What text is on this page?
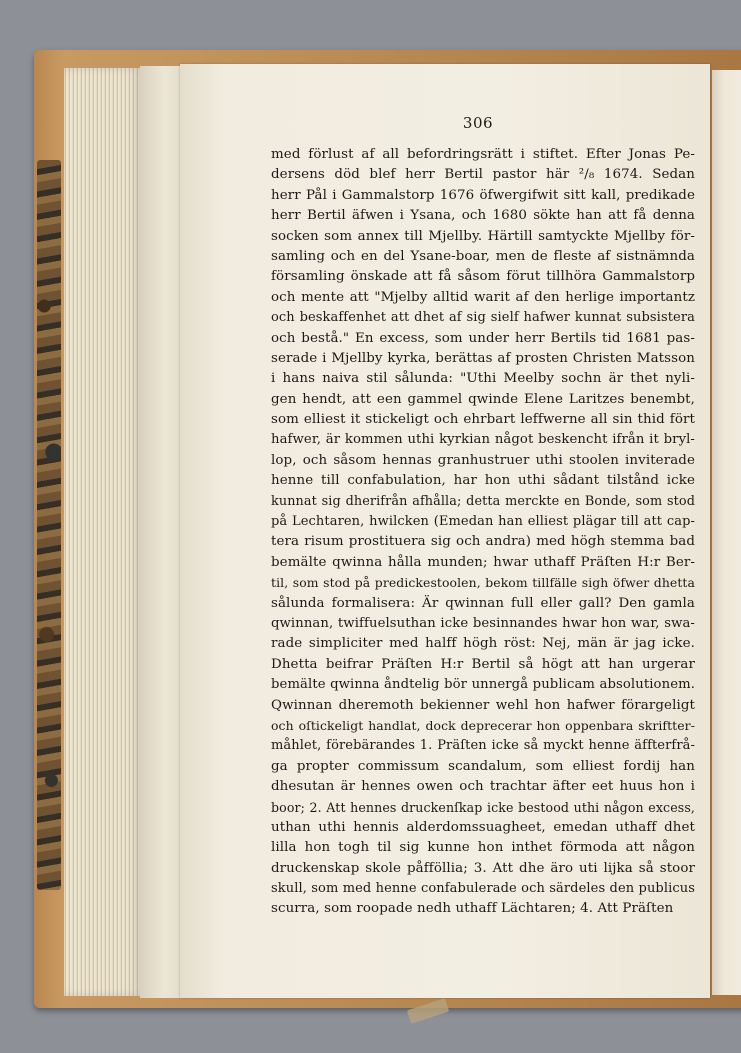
306
med förlust af all befordringsrätt i stiftet. Efter Jonas Pe-
dersens död blef herr Bertil pastor här ²/₈ 1674. Sedan
herr Pål i Gammalstorp 1676 öfwergifwit sitt kall, predikade
herr Bertil äfwen i Ysana, och 1680 sökte han att få denna
socken som annex till Mjellby. Härtill samtyckte Mjellby för-
samling och en del Ysane-boar, men de fleste af sistnämnda
församling önskade att få såsom förut tillhöra Gammalstorp
och mente att "Mjelby alltid warit af den herlige importantz
och beskaffenhet att dhet af sig sielf hafwer kunnat subsistera
och bestå." En excess, som under herr Bertils tid 1681 pas-
serade i Mjellby kyrka, berättas af prosten Christen Matsson
i hans naiva stil sålunda: "Uthi Meelby sochn är thet nyli-
gen hendt, att een gammel qwinde Elene Laritzes benembt,
som elliest it stickeligt och ehrbart leffwerne all sin thid fört
hafwer, är kommen uthi kyrkian något beskencht ifrån it bryl-
lop, och såsom hennas granhustruer uthi stoolen inviterade
henne till confabulation, har hon uthi sådant tilstånd icke
kunnat sig dherifrån afhålla; detta merckte en Bonde, som stod
på Lechtaren, hwilcken (Emedan han elliest plägar till att cap-
tera risum prostituera sig och andra) med högh stemma bad
bemälte qwinna hålla munden; hwar uthaff Präſten H:r Ber-
til, som stod på predickestoolen, bekom tillfälle sigh öfwer dhetta
sålunda formalisera: Är qwinnan full eller gall? Den gamla
qwinnan, twiffuelsuthan icke besinnandes hwar hon war, swa-
rade simpliciter med halff högh röst: Nej, män är jag icke.
Dhetta beifrar Präſten H:r Bertil så högt att han urgerar
bemälte qwinna åndtelig bör unnergå publicam absolutionem.
Qwinnan dheremoth bekienner wehl hon hafwer förargeligt
och oſtickeligt handlat, dock deprecerar hon oppenbara skriftter-
måhlet, förebärandes 1. Präſten icke så myckt henne äffterfrå-
ga propter commissum scandalum, som elliest fordij han
dhesutan är hennes owen och trachtar äfter eet huus hon i
boor; 2. Att hennes druckenſkap icke bestood uthi någon excess,
uthan uthi hennis alderdomssuagheet, emedan uthaff dhet
lilla hon togh til sig kunne hon inthet förmoda att någon
druckenskap skole påfföllia; 3. Att dhe äro uti lijka så stoor
skull, som med henne confabulerade och särdeles den publicus
scurra, som roopade nedh uthaff Lächtaren; 4. Att Präſten
